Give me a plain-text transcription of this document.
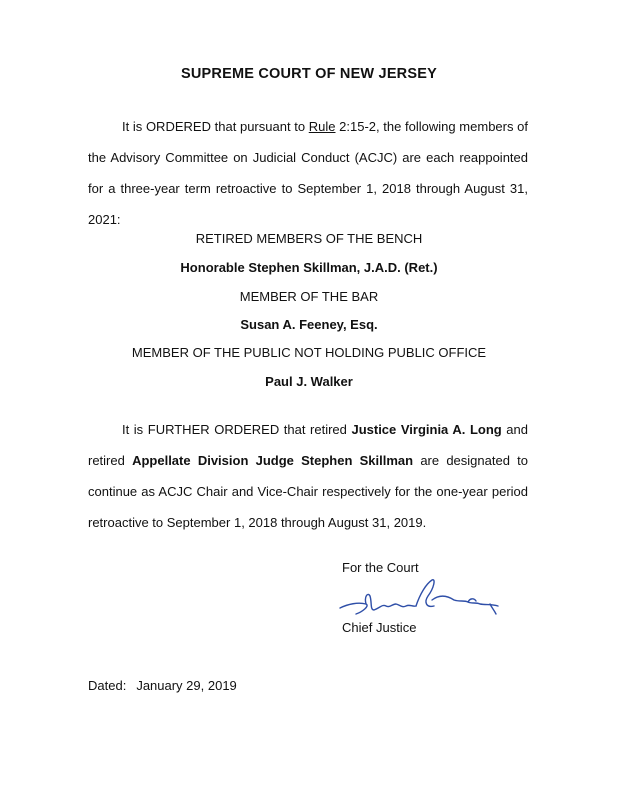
SUPREME COURT OF NEW JERSEY
It is ORDERED that pursuant to Rule 2:15-2, the following members of the Advisory Committee on Judicial Conduct (ACJC) are each reappointed for a three-year term retroactive to September 1, 2018 through August 31, 2021:
RETIRED MEMBERS OF THE BENCH
Honorable Stephen Skillman, J.A.D. (Ret.)
MEMBER OF THE BAR
Susan A. Feeney, Esq.
MEMBER OF THE PUBLIC NOT HOLDING PUBLIC OFFICE
Paul J. Walker
It is FURTHER ORDERED that retired Justice Virginia A. Long and retired Appellate Division Judge Stephen Skillman are designated to continue as ACJC Chair and Vice-Chair respectively for the one-year period retroactive to September 1, 2018 through August 31, 2019.
For the Court
Chief Justice
Dated: January 29, 2019
